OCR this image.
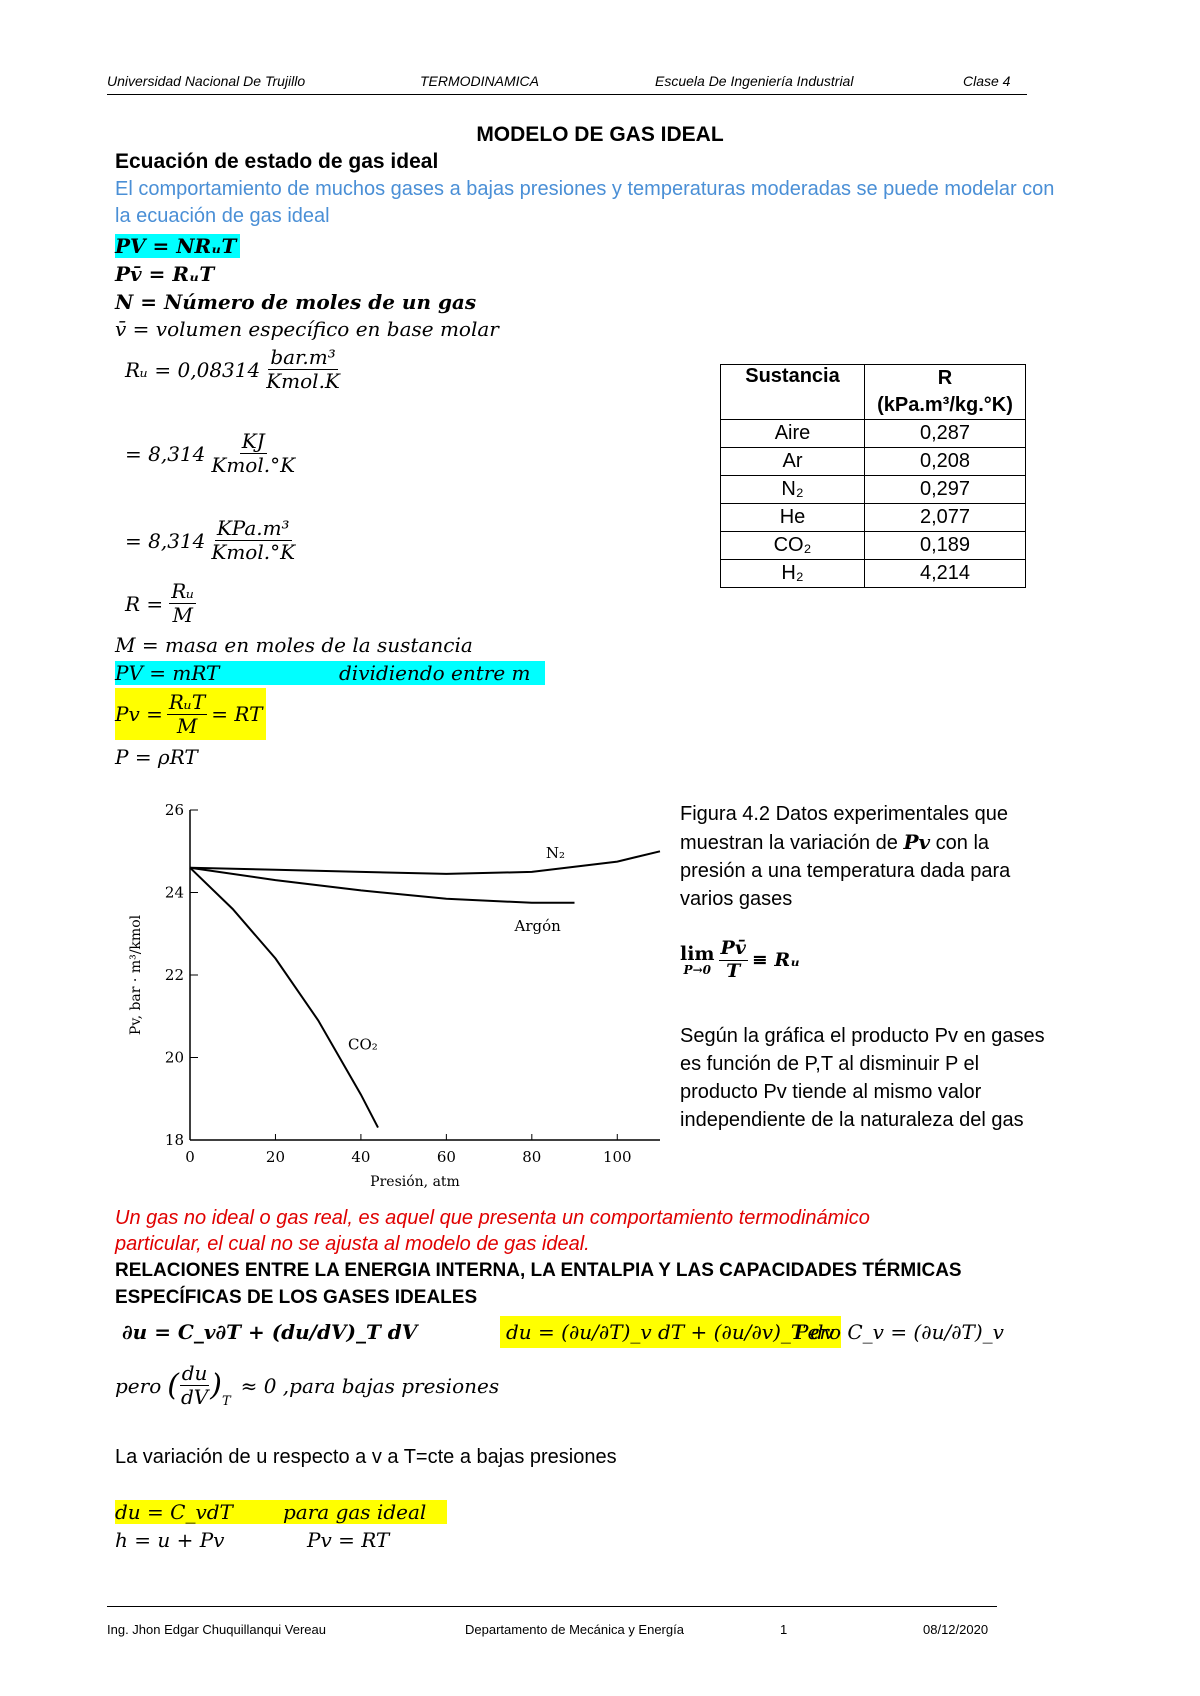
Universidad Nacional De Trujillo	TERMODINAMICA	Escuela De Ingeniería Industrial	Clase 4
MODELO DE GAS IDEAL
Ecuación de estado de gas ideal
El comportamiento de muchos gases a bajas presiones y temperaturas moderadas se puede modelar con
la ecuación de gas ideal
PV = NRᵤT
Pv̄ = RᵤT
N = Número de moles de un gas
v̄ = volumen específico en base molar
Rᵤ = $0,08314 \frac{\text{bar.m³}}{\text{Kmol.K}}$
= $8,314 \frac{KJ}{\text{Kmol.°K}}$
= $8,314 \frac{\text{KPa.m³}}{\text{Kmol.°K}}$
$R = \frac{\text{Rᵤ}}{M}$
M = masa en moles de la sustancia
PV = mRT	dividiendo entre m
$Pv = \frac{\text{RᵤT}}{M}$ = RT
P = ρRT
Sustancia	R
(kPa.m³/kg.°K)

Aire	0,287
Ar	0,208
N₂	0,297
He	2,077
CO₂	0,189
H₂	4,214
18
20
22
24
26
0	20	40	60	80	100
Presión, atm
Pv, bar · m³/kmol
N₂
Argón
CO₂
Figura 4.2 Datos experimentales que
muestran la variación de Pv con la
presión a una temperatura dada para
varios gases
lim
$P\to 0 \frac{Pv̄}{T}$ ≡ Rᵤ
Según la gráfica el producto Pv en gases
es función de P,T al disminuir P el
producto Pv tiende al mismo valor
independiente de la naturaleza del gas
Un gas no ideal o gas real, es aquel que presenta un comportamiento termodinámico
particular, el cual no se ajusta al modelo de gas ideal.
RELACIONES ENTRE LA ENERGIA INTERNA, LA ENTALPIA Y LAS CAPACIDADES TÉRMICAS
ESPECÍFICAS DE LOS GASES IDEALES
∂u = C_v∂T + (du/dV)_T dV	du = (∂u/∂T)_v dT + (∂u/∂v)_T dv
Pero C_v = (∂u/∂T)_v
pero ( $\frac{du}{dV}$ ) T
≈ 0 ,para bajas presiones
La variación de u respecto a v a T=cte a bajas presiones
du = C_vdT	para gas ideal
h = u + Pv	Pv = RT
Ing. Jhon Edgar Chuquillanqui Vereau	Departamento de Mecánica y Energía	1	08/12/2020
